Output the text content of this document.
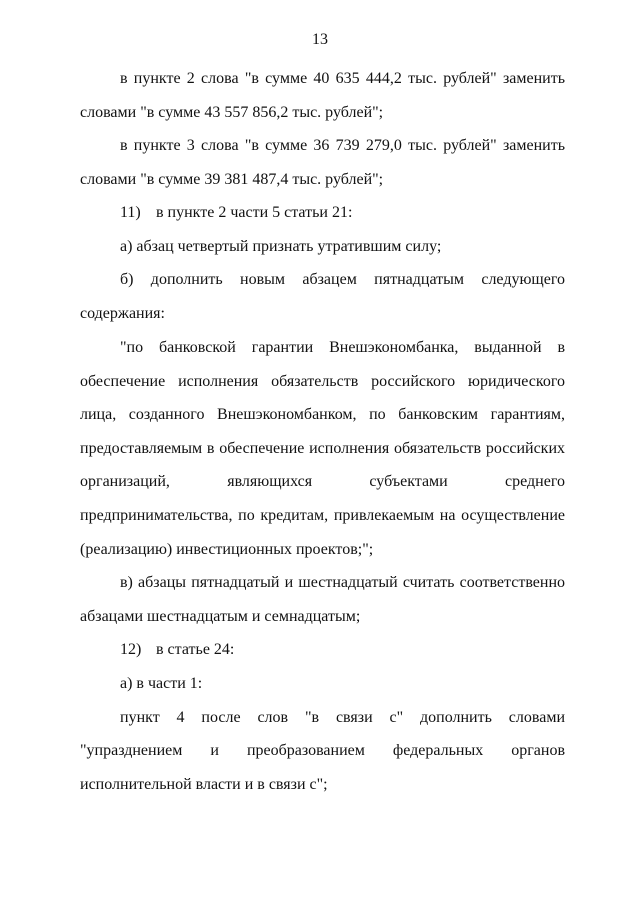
13
в пункте 2 слова "в сумме 40 635 444,2 тыс. рублей" заменить
словами "в сумме 43 557 856,2 тыс. рублей";
в пункте 3 слова "в сумме 36 739 279,0 тыс. рублей" заменить
словами "в сумме 39 381 487,4 тыс. рублей";
11) в пункте 2 части 5 статьи 21:
а) абзац четвертый признать утратившим силу;
б) дополнить новым абзацем пятнадцатым следующего
содержания:
"по банковской гарантии Внешэкономбанка, выданной в
обеспечение исполнения обязательств российского юридического
лица, созданного Внешэкономбанком, по банковским гарантиям,
предоставляемым в обеспечение исполнения обязательств российских
организаций, являющихся субъектами среднего
предпринимательства, по кредитам, привлекаемым на осуществление
(реализацию) инвестиционных проектов;";
в) абзацы пятнадцатый и шестнадцатый считать соответственно
абзацами шестнадцатым и семнадцатым;
12) в статье 24:
а) в части 1:
пункт 4 после слов "в связи с" дополнить словами
"упразднением и преобразованием федеральных органов
исполнительной власти и в связи с";
